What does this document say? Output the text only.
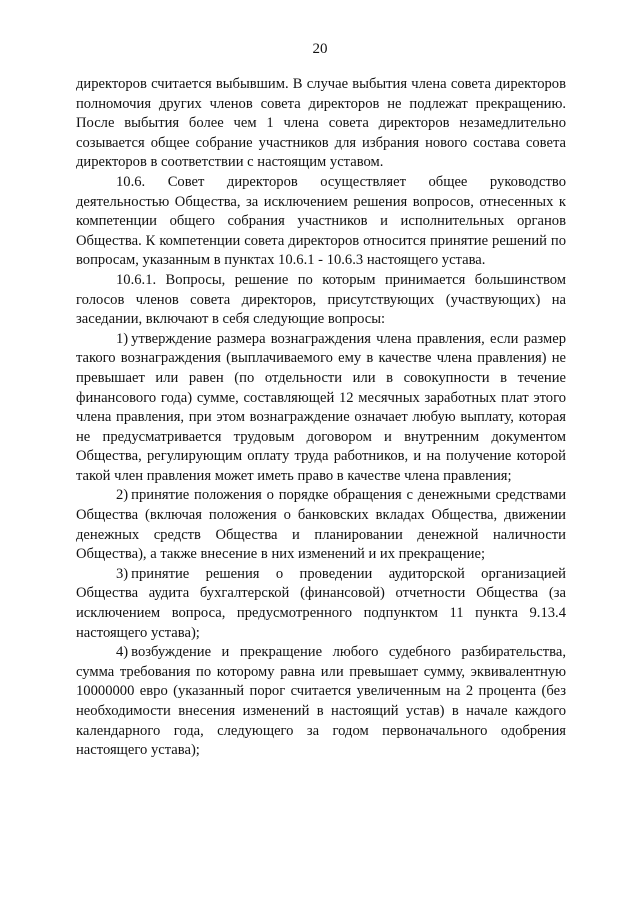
20

директоров считается выбывшим. В случае выбытия члена совета директоров полномочия других членов совета директоров не подлежат прекращению. После выбытия более чем 1 члена совета директоров незамедлительно созывается общее собрание участников для избрания нового состава совета директоров в соответствии с настоящим уставом.

10.6. Совет директоров осуществляет общее руководство деятельностью Общества, за исключением решения вопросов, отнесенных к компетенции общего собрания участников и исполнительных органов Общества. К компетенции совета директоров относится принятие решений по вопросам, указанным в пунктах 10.6.1 - 10.6.3 настоящего устава.

10.6.1. Вопросы, решение по которым принимается большинством голосов членов совета директоров, присутствующих (участвующих) на заседании, включают в себя следующие вопросы:

1) утверждение размера вознаграждения члена правления, если размер такого вознаграждения (выплачиваемого ему в качестве члена правления) не превышает или равен (по отдельности или в совокупности в течение финансового года) сумме, составляющей 12 месячных заработных плат этого члена правления, при этом вознаграждение означает любую выплату, которая не предусматривается трудовым договором и внутренним документом Общества, регулирующим оплату труда работников, и на получение которой такой член правления может иметь право в качестве члена правления;

2) принятие положения о порядке обращения с денежными средствами Общества (включая положения о банковских вкладах Общества, движении денежных средств Общества и планировании денежной наличности Общества), а также внесение в них изменений и их прекращение;

3) принятие решения о проведении аудиторской организацией Общества аудита бухгалтерской (финансовой) отчетности Общества (за исключением вопроса, предусмотренного подпунктом 11 пункта 9.13.4 настоящего устава);

4) возбуждение и прекращение любого судебного разбирательства, сумма требования по которому равна или превышает сумму, эквивалентную 10000000 евро (указанный порог считается увеличенным на 2 процента (без необходимости внесения изменений в настоящий устав) в начале каждого календарного года, следующего за годом первоначального одобрения настоящего устава);
